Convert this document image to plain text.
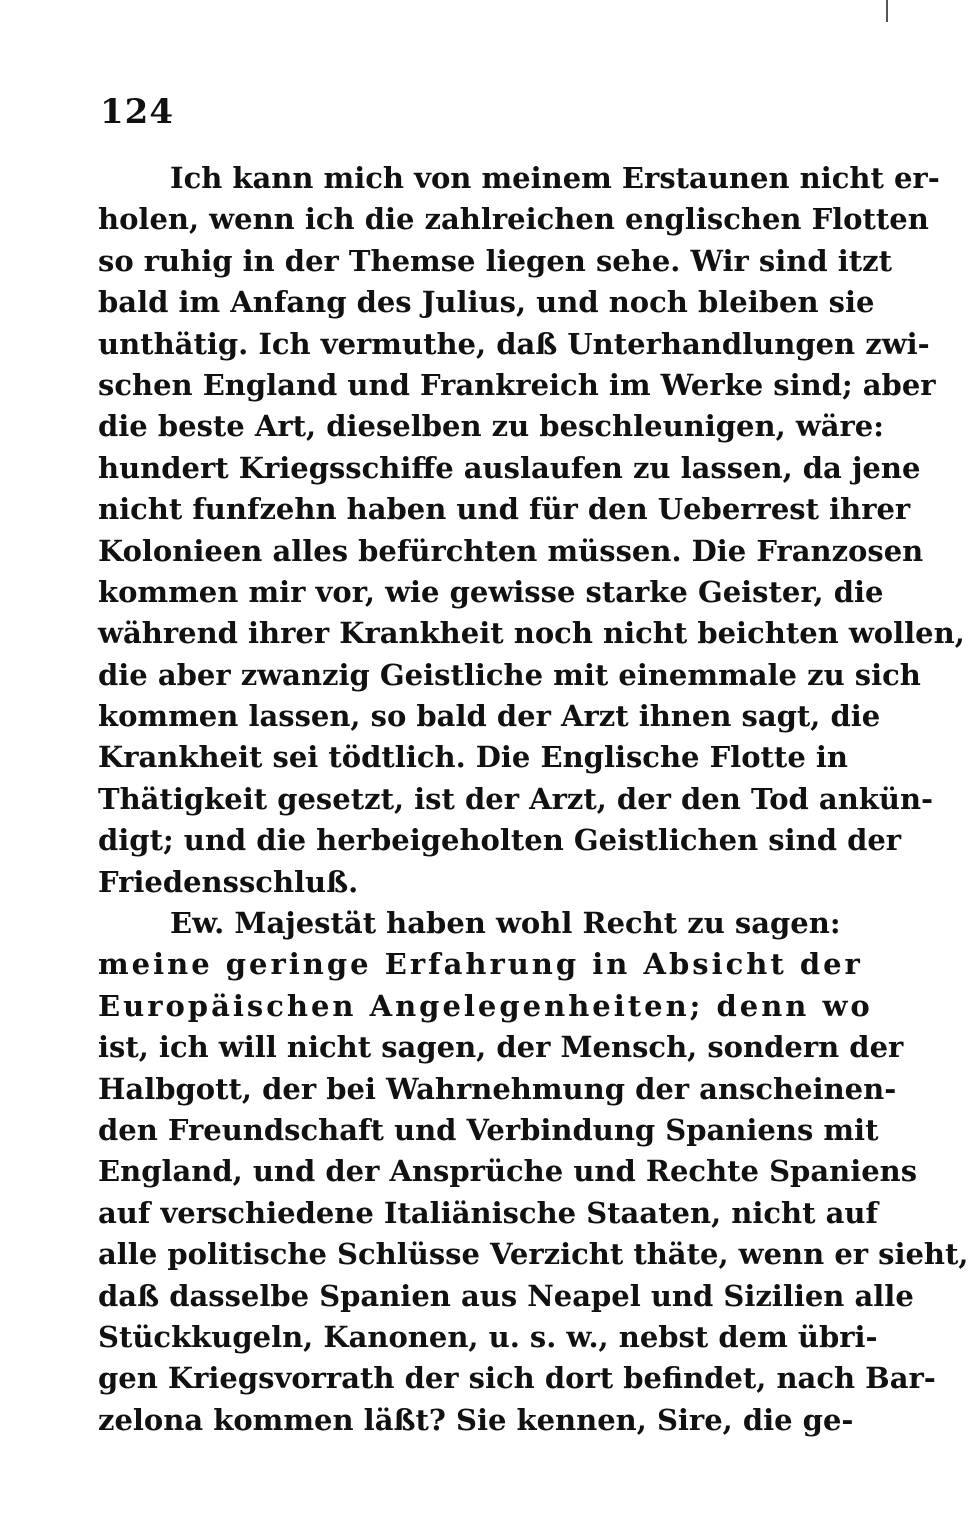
124
Ich kann mich von meinem Erstaunen nicht er-
holen, wenn ich die zahlreichen englischen Flotten
so ruhig in der Themse liegen sehe. Wir sind itzt
bald im Anfang des Julius, und noch bleiben sie
unthätig. Ich vermuthe, daß Unterhandlungen zwi-
schen England und Frankreich im Werke sind; aber
die beste Art, dieselben zu beschleunigen, wäre:
hundert Kriegsschiffe auslaufen zu lassen, da jene
nicht funfzehn haben und für den Ueberrest ihrer
Kolonieen alles befürchten müssen. Die Franzosen
kommen mir vor, wie gewisse starke Geister, die
während ihrer Krankheit noch nicht beichten wollen,
die aber zwanzig Geistliche mit einemmale zu sich
kommen lassen, so bald der Arzt ihnen sagt, die
Krankheit sei tödtlich. Die Englische Flotte in
Thätigkeit gesetzt, ist der Arzt, der den Tod ankün-
digt; und die herbeigeholten Geistlichen sind der
Friedensschluß.
Ew. Majestät haben wohl Recht zu sagen:
meine geringe Erfahrung in Absicht der
Europäischen Angelegenheiten; denn wo
ist, ich will nicht sagen, der Mensch, sondern der
Halbgott, der bei Wahrnehmung der anscheinen-
den Freundschaft und Verbindung Spaniens mit
England, und der Ansprüche und Rechte Spaniens
auf verschiedene Italiänische Staaten, nicht auf
alle politische Schlüsse Verzicht thäte, wenn er sieht,
daß dasselbe Spanien aus Neapel und Sizilien alle
Stückkugeln, Kanonen, u. s. w., nebst dem übri-
gen Kriegsvorrath der sich dort befindet, nach Bar-
zelona kommen läßt? Sie kennen, Sire, die ge-
